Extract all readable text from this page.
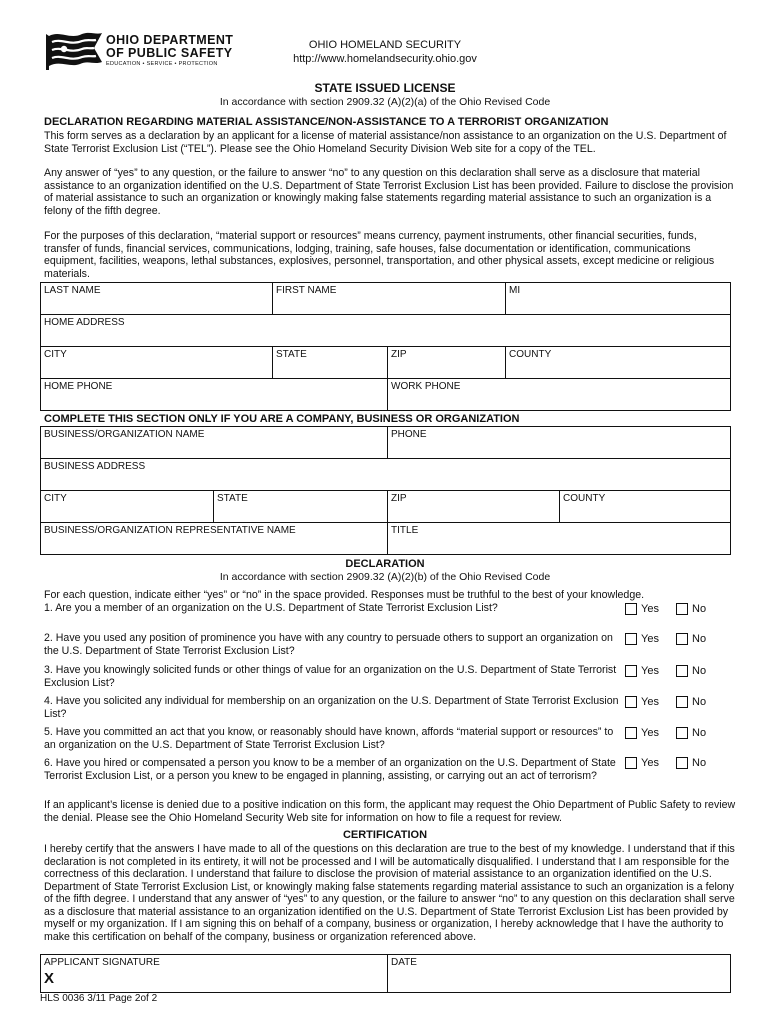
OHIO DEPARTMENT
OF PUBLIC SAFETY
EDUCATION • SERVICE • PROTECTION
OHIO HOMELAND SECURITY
http://www.homelandsecurity.ohio.gov
STATE ISSUED LICENSE
In accordance with section 2909.32 (A)(2)(a) of the Ohio Revised Code
DECLARATION REGARDING MATERIAL ASSISTANCE/NON-ASSISTANCE TO A TERRORIST ORGANIZATION
This form serves as a declaration by an applicant for a license of material assistance/non assistance to an organization on the U.S. Department of State Terrorist Exclusion List (“TEL”). Please see the Ohio Homeland Security Division Web site for a copy of the TEL.
Any answer of “yes” to any question, or the failure to answer “no” to any question on this declaration shall serve as a disclosure that material assistance to an organization identified on the U.S. Department of State Terrorist Exclusion List has been provided. Failure to disclose the provision of material assistance to such an organization or knowingly making false statements regarding material assistance to such an organization is a felony of the fifth degree.
For the purposes of this declaration, “material support or resources” means currency, payment instruments, other financial securities, funds, transfer of funds, financial services, communications, lodging, training, safe houses, false documentation or identification, communications equipment, facilities, weapons, lethal substances, explosives, personnel, transportation, and other physical assets, except medicine or religious materials.
LAST NAME	FIRST NAME		MI
HOME ADDRESS			
CITY	STATE	ZIP	COUNTY
HOME PHONE		WORK PHONE	
COMPLETE THIS SECTION ONLY IF YOU ARE A COMPANY, BUSINESS OR ORGANIZATION
BUSINESS/ORGANIZATION NAME		PHONE	
BUSINESS ADDRESS			
CITY	STATE	ZIP	COUNTY
BUSINESS/ORGANIZATION REPRESENTATIVE NAME		TITLE	
DECLARATION
In accordance with section 2909.32 (A)(2)(b) of the Ohio Revised Code
For each question, indicate either “yes” or “no” in the space provided. Responses must be truthful to the best of your knowledge.
1. Are you a member of an organization on the U.S. Department of State Terrorist Exclusion List?
2. Have you used any position of prominence you have with any country to persuade others to support an organization on the U.S. Department of State Terrorist Exclusion List?
3. Have you knowingly solicited funds or other things of value for an organization on the U.S. Department of State Terrorist Exclusion List?
4. Have you solicited any individual for membership on an organization on the U.S. Department of State Terrorist Exclusion List?
5. Have you committed an act that you know, or reasonably should have known, affords “material support or resources” to an organization on the U.S. Department of State Terrorist Exclusion List?
6. Have you hired or compensated a person you know to be a member of an organization on the U.S. Department of State Terrorist Exclusion List, or a person you knew to be engaged in planning, assisting, or carrying out an act of terrorism?
Yes	No
Yes	No
Yes	No
Yes	No
Yes	No
Yes	No
If an applicant’s license is denied due to a positive indication on this form, the applicant may request the Ohio Department of Public Safety to review the denial. Please see the Ohio Homeland Security Web site for information on how to file a request for review.
CERTIFICATION
I hereby certify that the answers I have made to all of the questions on this declaration are true to the best of my knowledge. I understand that if this declaration is not completed in its entirety, it will not be processed and I will be automatically disqualified. I understand that I am responsible for the correctness of this declaration. I understand that failure to disclose the provision of material assistance to an organization identified on the U.S. Department of State Terrorist Exclusion List, or knowingly making false statements regarding material assistance to such an organization is a felony of the fifth degree. I understand that any answer of “yes” to any question, or the failure to answer “no” to any question on this declaration shall serve as a disclosure that material assistance to an organization identified on the U.S. Department of State Terrorist Exclusion List has been provided by myself or my organization. If I am signing this on behalf of a company, business or organization, I hereby acknowledge that I have the authority to make this certification on behalf of the company, business or organization referenced above.
APPLICANT SIGNATURE
X

DATE
HLS 0036 3/11 Page 2of 2
